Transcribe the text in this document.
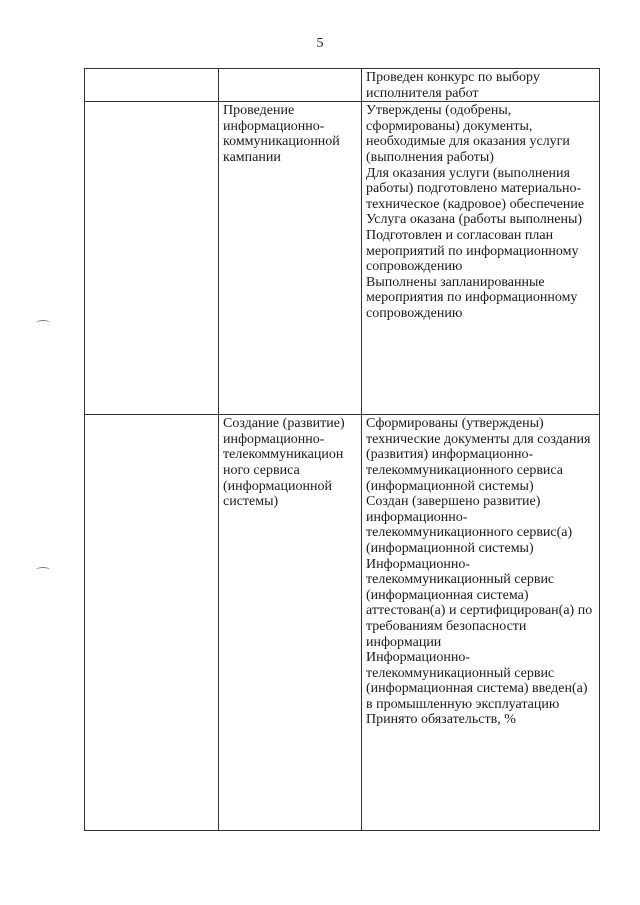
5

		Проведен конкурс по выбору исполнителя работ

	Проведение информационно-коммуникационной кампании	Утверждены (одобрены, сформированы) документы, необходимые для оказания услуги (выполнения работы)
Для оказания услуги (выполнения работы) подготовлено материально-техническое (кадровое) обеспечение
Услуга оказана (работы выполнены)
Подготовлен и согласован план мероприятий по информационному сопровождению
Выполнены запланированные мероприятия по информационному сопровождению

	Создание (развитие) информационно-телекоммуникацион ного сервиса (информационной системы)	Сформированы (утверждены) технические документы для создания (развития) информационно-телекоммуникационного сервиса (информационной системы)
Создан (завершено развитие) информационно-телекоммуникационного сервис(а) (информационной системы)
Информационно-телекоммуникационный сервис (информационная система) аттестован(а) и сертифицирован(а) по требованиям безопасности информации
Информационно-телекоммуникационный сервис (информационная система) введен(а) в промышленную эксплуатацию
Принято обязательств, %
